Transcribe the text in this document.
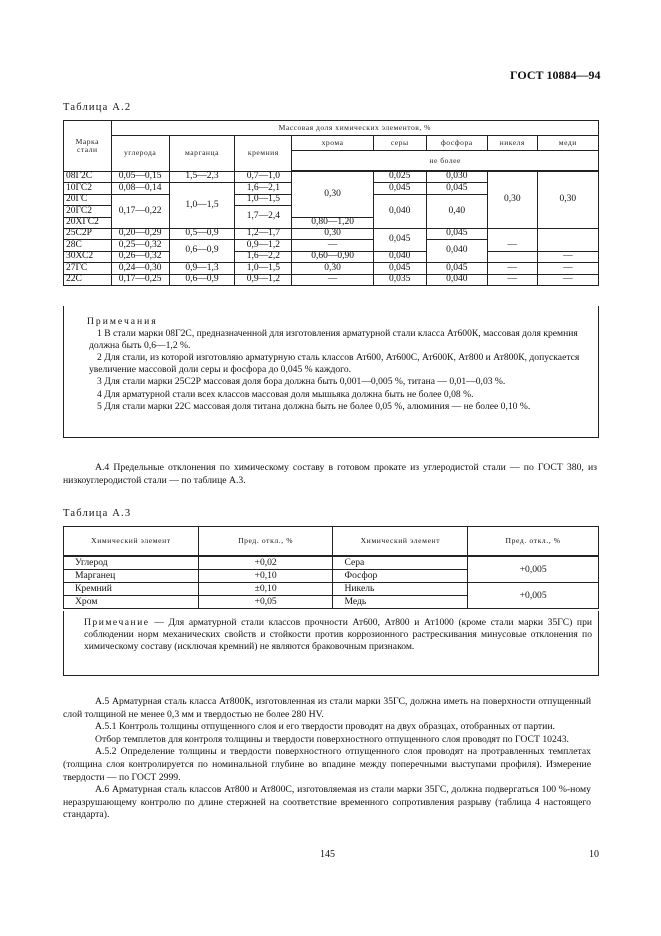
ГОСТ 10884—94
Таблица А.2
Марка стали	Массовая доля химических элементов, %							
	углерода	марганца	кремния	хрома	серы	фосфора	никеля	меди
				не более				
08Г2С	0,05—0,15	1,5—2,3	0,7—1,0	0,30	0,025	0,030	0,30	0,30
10ГС2	0,08—0,14	1,0—1,5	1,6—2,1		0,045	0,045		
20ГС	0,17—0,22		1,0—1,5		0,040	0,40		
20ГС2			1,7—2,4					
20ХГС2				0,80—1,20				
25С2Р	0,20—0,29	0,5—0,9	1,2—1,7	0,30	0,045	0,045		
28С	0,25—0,32	0,6—0,9	0,9—1,2	—		0,040	—	
30ХС2	0,26—0,32		1,6—2,2	0,60—0,90	0,040			—
27ГС	0,24—0,30	0,9—1,3	1,0—1,5	0,30	0,045	0,045	—	—
22С	0,17—0,25	0,6—0,9	0,9—1,2	—	0,035	0,040	—	—
Примечания

1 В стали марки 08Г2С, предназначенной для изготовления арматурной стали класса Ат600К, массовая доля кремния должна быть 0,6—1,2 %.

2 Для стали, из которой изготовляю арматурную сталь классов Ат600, Ат600С, Ат600К, Ат800 и Ат800К, допускается увеличение массовой доли серы и фосфора до 0,045 % каждого.

3 Для стали марки 25С2Р массовая доля бора должна быть 0,001—0,005 %, титана — 0,01—0,03 %.

4 Для арматурной стали всех классов массовая доля мышьяка должна быть не более 0,08 %.

5 Для стали марки 22С массовая доля титана должна быть не более 0,05 %, алюминия — не более 0,10 %.

А.4 Предельные отклонения по химическому составу в готовом прокате из углеродистой стали — по ГОСТ 380, из низкоуглеродистой стали — по таблице А.3.

Таблица А.3
Химический элемент	Пред. откл., %	Химический элемент	Пред. откл., %
Углерод	+0,02	Сера	+0,005
Марганец	+0,10	Фосфор	
Кремний	±0,10	Никель	+0,005
Хром	+0,05	Медь	
Примечание — Для арматурной стали классов прочности Ат600, Ат800 и Ат1000 (кроме стали марки 35ГС) при соблюдении норм механических свойств и стойкости против коррозионного растрескивания минусовые отклонения по химическому составу (исключая кремний) не являются браковочным признаком.

А.5 Арматурная сталь класса Ат800К, изготовленная из стали марки 35ГС, должна иметь на поверхности отпущенный слой толщиной не менее 0,3 мм и твердостью не более 280 HV.

А.5.1 Контроль толщины отпущенного слоя и его твердости проводят на двух образцах, отобранных от партии.

Отбор темплетов для контроля толщины и твердости поверхностного отпущенного слоя проводят по ГОСТ 10243.

А.5.2 Определение толщины и твердости поверхностного отпущенного слоя проводят на протравленных темплетах (толщина слоя контролируется по номинальной глубине во впадине между поперечными выступами профиля). Измерение твердости — по ГОСТ 2999.

А.6 Арматурная сталь классов Ат800 и Ат800С, изготовляемая из стали марки 35ГС, должна подвергаться 100 %-ному неразрушающему контролю по длине стержней на соответствие временного сопротивления разрыву (таблица 4 настоящего стандарта).

145	10
